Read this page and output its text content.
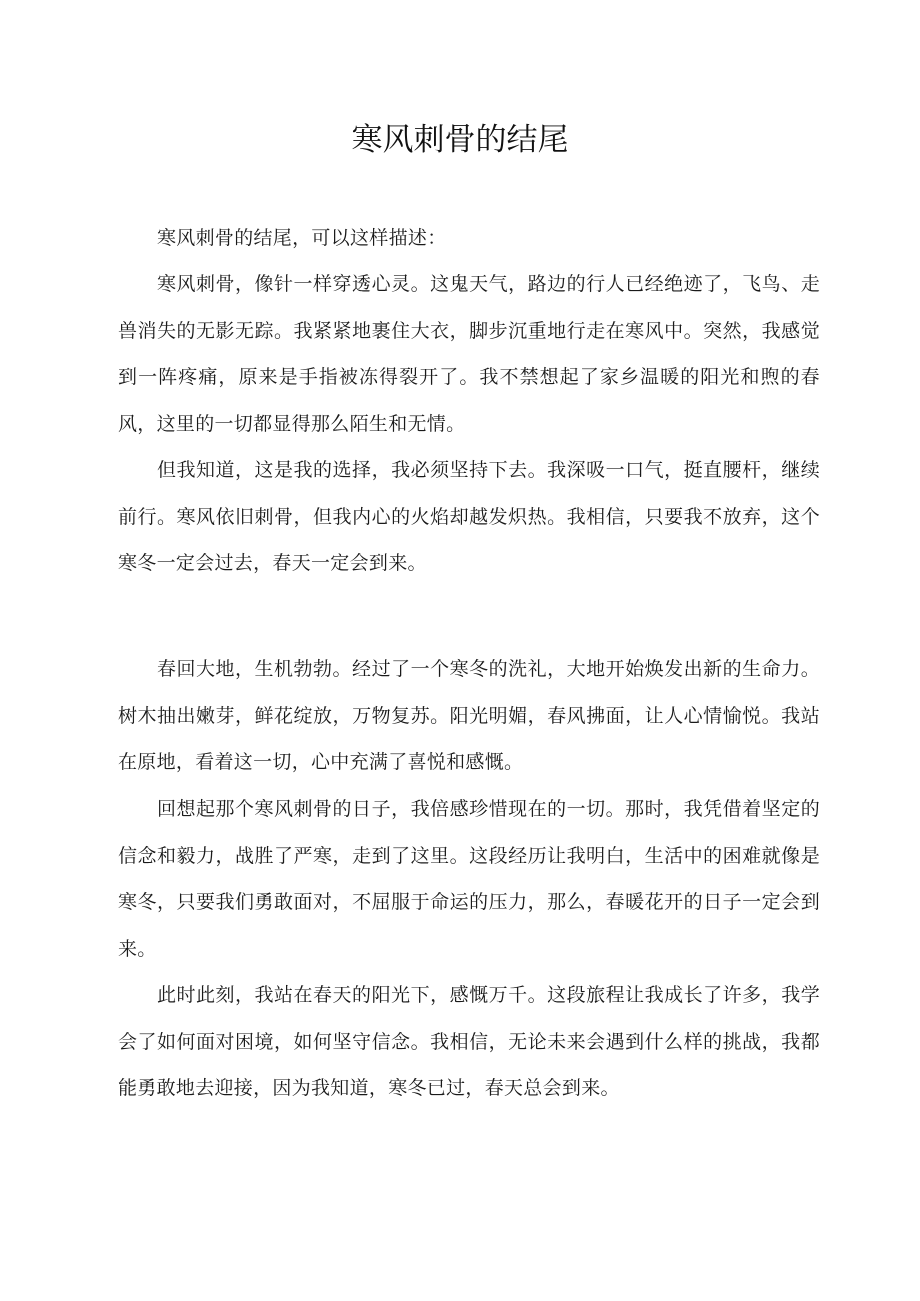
寒风刺骨的结尾

寒风刺骨的结尾，可以这样描述：

寒风刺骨，像针一样穿透心灵。这鬼天气，路边的行人已经绝迹了，飞鸟、走兽消失的无影无踪。我紧紧地裹住大衣，脚步沉重地行走在寒风中。突然，我感觉到一阵疼痛，原来是手指被冻得裂开了。我不禁想起了家乡温暖的阳光和煦的春风，这里的一切都显得那么陌生和无情。

但我知道，这是我的选择，我必须坚持下去。我深吸一口气，挺直腰杆，继续前行。寒风依旧刺骨，但我内心的火焰却越发炽热。我相信，只要我不放弃，这个寒冬一定会过去，春天一定会到来。

春回大地，生机勃勃。经过了一个寒冬的洗礼，大地开始焕发出新的生命力。树木抽出嫩芽，鲜花绽放，万物复苏。阳光明媚，春风拂面，让人心情愉悦。我站在原地，看着这一切，心中充满了喜悦和感慨。

回想起那个寒风刺骨的日子，我倍感珍惜现在的一切。那时，我凭借着坚定的信念和毅力，战胜了严寒，走到了这里。这段经历让我明白，生活中的困难就像是寒冬，只要我们勇敢面对，不屈服于命运的压力，那么，春暖花开的日子一定会到来。

此时此刻，我站在春天的阳光下，感慨万千。这段旅程让我成长了许多，我学会了如何面对困境，如何坚守信念。我相信，无论未来会遇到什么样的挑战，我都能勇敢地去迎接，因为我知道，寒冬已过，春天总会到来。
